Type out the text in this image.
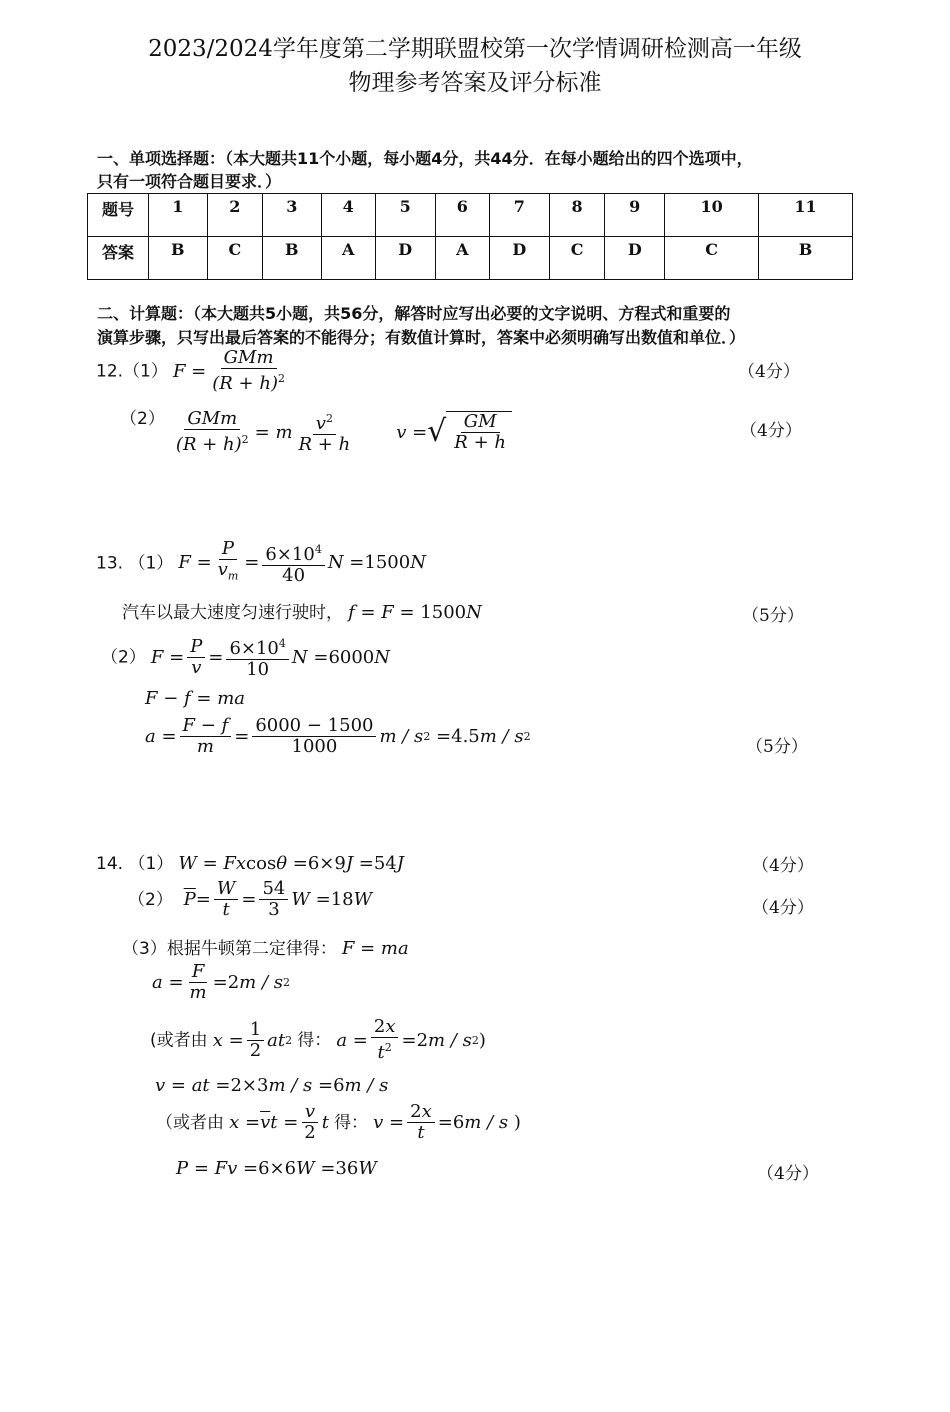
2023/2024学年度第二学期联盟校第一次学情调研检测高一年级
物理参考答案及评分标准
一、单项选择题：（本大题共11个小题，每小题4分，共44分．在每小题给出的四个选项中，
只有一项符合题目要求．）
题号	1	2	3	4	5	6	7	8	9	10	11
答案	B	C	B	A	D	A	D	C	D	C	B
二、计算题：（本大题共5小题，共56分，解答时应写出必要的文字说明、方程式和重要的
演算步骤，只写出最后答案的不能得分；有数值计算时，答案中必须明确写出数值和单位．）
12.（1） $F = \frac{\text{GMm}}{(R + h)^2}$	（4分）
$(2) \frac{\text{GMm}}{(R + h)^2} = m \frac{v^2}{R + h}$ v = √ $\frac{GM}{R + h}$	（4分）
13. （1） $F = \frac{P}{v_m} = \frac{6\times 10^4}{40}$ N = 1500 N
汽车以最大速度匀速行驶时， f = F = 1500 N	（5分）
（2） $F = \frac{P}{v} = \frac{6\times 10^4}{10}$ N = 6000 N
F − f = ma
$a = \frac{F - f}{m} = \frac{6000 - 1500}{1000}$ m / s 2 = 4.5 m / s 2
（5分）
14. （1） W = Fx cos θ = 6×9 J = 54 J	（4分）
（2） $\overline{P} = \frac{W}{t} = \frac{54}{3}$ W = 18 W	（4分）
（3）根据牛顿第二定律得： F = ma
$a = \frac{F}{m} = 2$ m / s 2
(或者由 $x = \frac{1}{2}$ at 2 得： $a = \frac{2x}{t^2} = 2$ m / s 2 )
v = at = 2×3 m / s = 6 m / s
（或者由 $x = \overline{v}$ $t = \frac{v}{2}$ t 得： $v = \frac{2x}{t} = 6$ m / s )
P = Fv = 6×6 W = 36 W	（4分）
